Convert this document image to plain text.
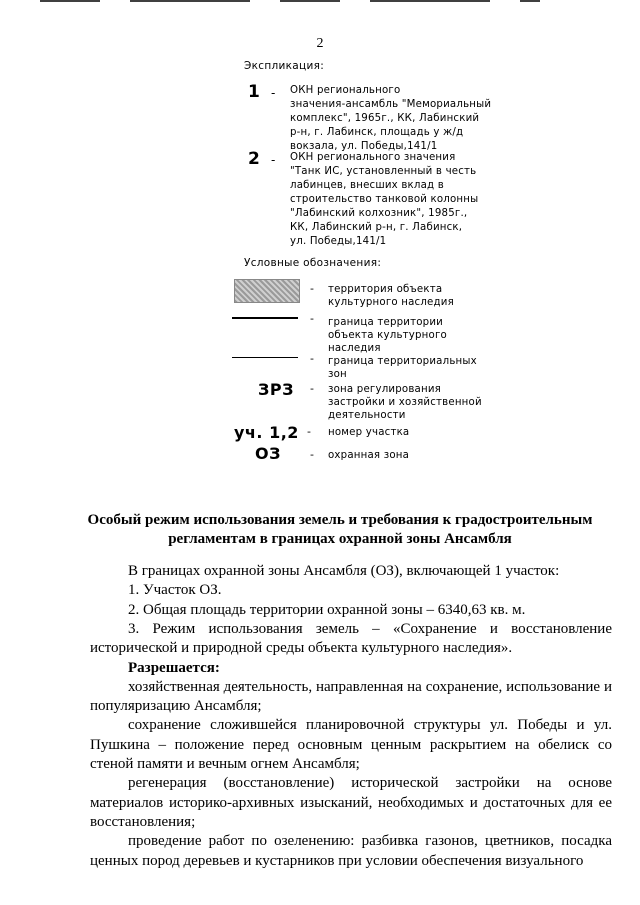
2
Экспликация:
1 - ОКН регионального
значения-ансамбль "Мемориальный
комплекс", 1965г., КК, Лабинский
р-н, г. Лабинск, площадь у ж/д
вокзала, ул. Победы,141/1
2 - ОКН регионального значения
"Танк ИС, установленный в честь
лабинцев, внесших вклад в
строительство танковой колонны
"Лабинский колхозник", 1985г.,
КК, Лабинский р-н, г. Лабинск,
ул. Победы,141/1
Условные обозначения:
- территория объекта
культурного наследия
- граница территории
объекта культурного
наследия
- граница территориальных
зон
ЗРЗ - зона регулирования
застройки и хозяйственной
деятельности
уч. 1,2 - номер участка
ОЗ	- охранная зона
Особый режим использования земель и требования к градостроительным
регламентам в границах охранной зоны Ансамбля

В границах охранной зоны Ансамбля (ОЗ), включающей 1 участок:

1. Участок ОЗ.

2. Общая площадь территории охранной зоны – 6340,63 кв. м.

3. Режим использования земель – «Сохранение и восстановление исторической и природной среды объекта культурного наследия».

Разрешается:

хозяйственная деятельность, направленная на сохранение, использование и популяризацию Ансамбля;

сохранение сложившейся планировочной структуры ул. Победы и ул. Пушкина – положение перед основным ценным раскрытием на обелиск со стеной памяти и вечным огнем Ансамбля;

регенерация (восстановление) исторической застройки на основе материалов историко-архивных изысканий, необходимых и достаточных для ее восстановления;

проведение работ по озеленению: разбивка газонов, цветников, посадка ценных пород деревьев и кустарников при условии обеспечения визуального
